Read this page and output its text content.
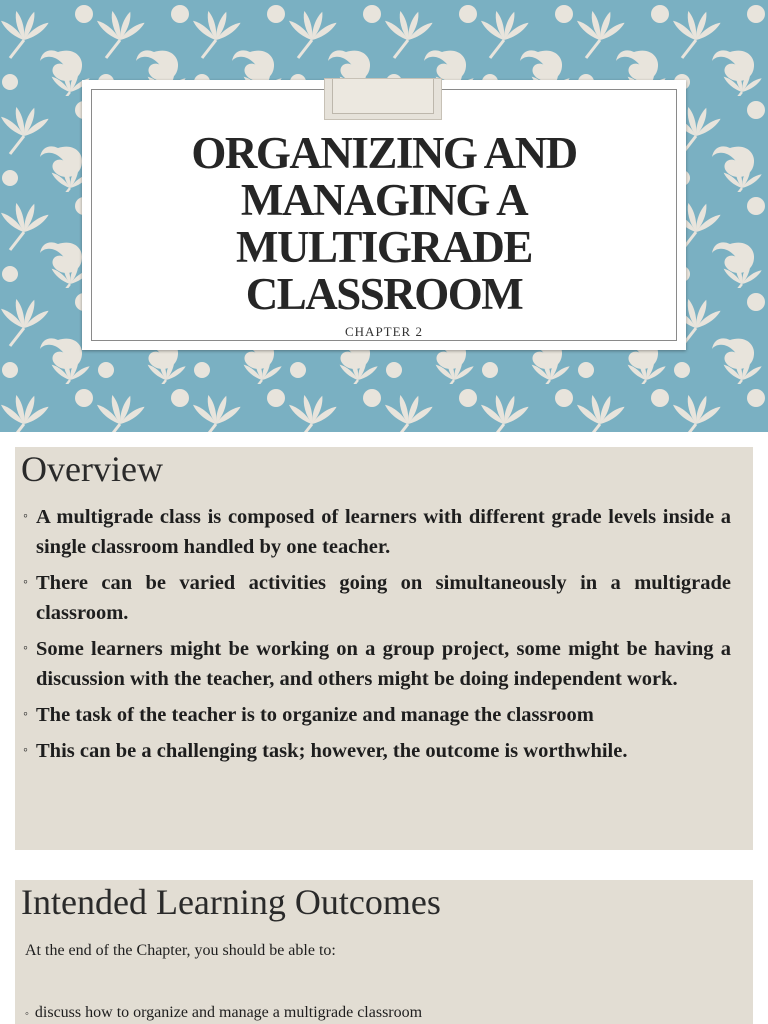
ORGANIZING AND
MANAGING A
MULTIGRADE
CLASSROOM
CHAPTER 2
Overview
◦ A multigrade class is composed of learners with different grade levels inside a single classroom handled by one teacher.
◦ There can be varied activities going on simultaneously in a multigrade classroom.
◦ Some learners might be working on a group project, some might be having a discussion with the teacher, and others might be doing independent work.
◦ The task of the teacher is to organize and manage the classroom
◦ This can be a challenging task; however, the outcome is worthwhile.
Intended Learning Outcomes
At the end of the Chapter, you should be able to:
◦ discuss how to organize and manage a multigrade classroom
